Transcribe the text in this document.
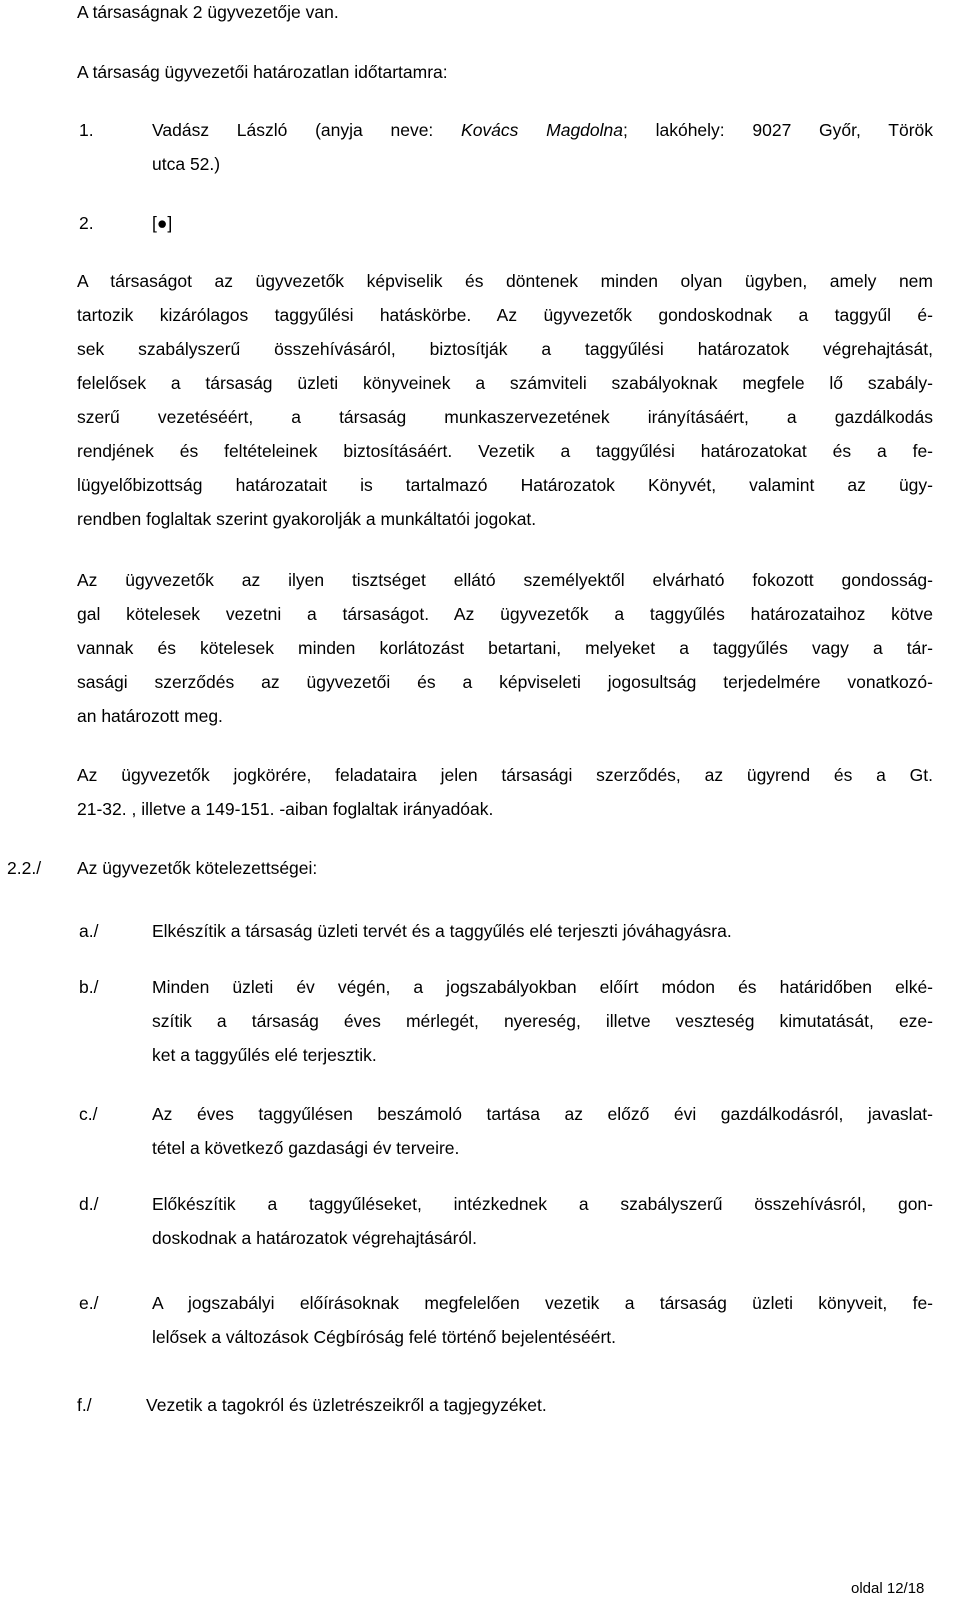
A társaságnak 2 ügyvezetője van.
A társaság ügyvezetői határozatlan időtartamra:
1.	Vadász László (anyja neve: Kovács Magdolna; lakóhely: 9027 Győr, Török
utca 52.)
2.	[●]
A társaságot az ügyvezetők képviselik és döntenek minden olyan ügyben, amely nem
tartozik kizárólagos taggyűlési hatáskörbe. Az ügyvezetők gondoskodnak a taggyűl é-
sek szabályszerű összehívásáról, biztosítják a taggyűlési határozatok végrehajtását,
felelősek a társaság üzleti könyveinek a számviteli szabályoknak megfele lő szabály-
szerű vezetéséért, a társaság munkaszervezetének irányításáért, a gazdálkodás
rendjének és feltételeinek biztosításáért. Vezetik a taggyűlési határozatokat és a fe-
lügyelőbizottság határozatait is tartalmazó Határozatok Könyvét, valamint az ügy-
rendben foglaltak szerint gyakorolják a munkáltatói jogokat.
Az ügyvezetők az ilyen tisztséget ellátó személyektől elvárható fokozott gondosság-
gal kötelesek vezetni a társaságot. Az ügyvezetők a taggyűlés határozataihoz kötve
vannak és kötelesek minden korlátozást betartani, melyeket a taggyűlés vagy a tár-
sasági szerződés az ügyvezetői és a képviseleti jogosultság terjedelmére vonatkozó-
an határozott meg.
Az ügyvezetők jogkörére, feladataira jelen társasági szerződés, az ügyrend és a Gt.
21-32. , illetve a 149-151. -aiban foglaltak irányadóak.
2.2./ Az ügyvezetők kötelezettségei:
a./	Elkészítik a társaság üzleti tervét és a taggyűlés elé terjeszti jóváhagyásra.
b./	Minden üzleti év végén, a jogszabályokban előírt módon és határidőben elké-
szítik a társaság éves mérlegét, nyereség, illetve veszteség kimutatását, eze-
ket a taggyűlés elé terjesztik.
c./	Az éves taggyűlésen beszámoló tartása az előző évi gazdálkodásról, javaslat-
tétel a következő gazdasági év terveire.
d./	Előkészítik a taggyűléseket, intézkednek a szabályszerű összehívásról, gon-
doskodnak a határozatok végrehajtásáról.
e./	A jogszabályi előírásoknak megfelelően vezetik a társaság üzleti könyveit, fe-
lelősek a változások Cégbíróság felé történő bejelentéséért.
f./	Vezetik a tagokról és üzletrészeikről a tagjegyzéket.
oldal 12/18
